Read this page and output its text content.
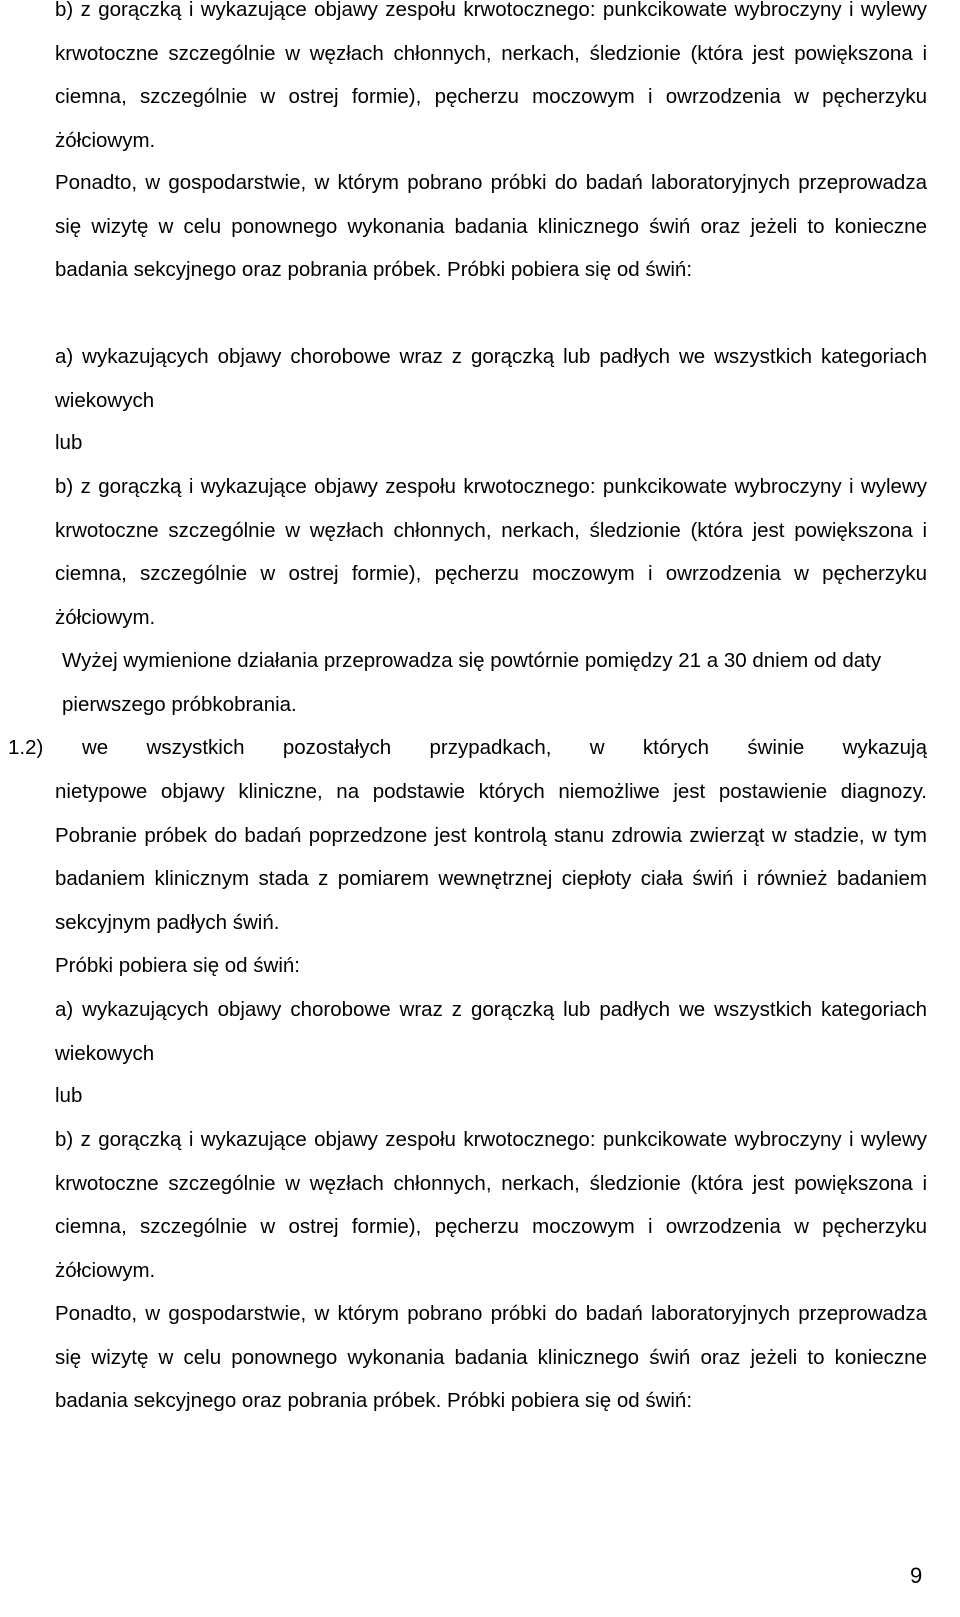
b) z gorączką i wykazujące objawy zespołu krwotocznego: punkcikowate wybroczyny i wylewy krwotoczne szczególnie w węzłach chłonnych, nerkach, śledzionie (która jest powiększona i ciemna, szczególnie w ostrej formie), pęcherzu moczowym i owrzodzenia w pęcherzyku żółciowym.

Ponadto, w gospodarstwie, w którym pobrano próbki do badań laboratoryjnych przeprowadza się wizytę w celu ponownego wykonania badania klinicznego świń oraz jeżeli to konieczne badania sekcyjnego oraz pobrania próbek. Próbki pobiera się od świń:

a) wykazujących objawy chorobowe wraz z gorączką lub padłych we wszystkich kategoriach wiekowych

lub

b) z gorączką i wykazujące objawy zespołu krwotocznego: punkcikowate wybroczyny i wylewy krwotoczne szczególnie w węzłach chłonnych, nerkach, śledzionie (która jest powiększona i ciemna, szczególnie w ostrej formie), pęcherzu moczowym i owrzodzenia w pęcherzyku żółciowym.

Wyżej wymienione działania przeprowadza się powtórnie pomiędzy 21 a 30 dniem od daty pierwszego próbkobrania.

1.2) we wszystkich pozostałych przypadkach, w których świnie wykazują

nietypowe objawy kliniczne, na podstawie których niemożliwe jest postawienie diagnozy. Pobranie próbek do badań poprzedzone jest kontrolą stanu zdrowia zwierząt w stadzie, w tym badaniem klinicznym stada z pomiarem wewnętrznej ciepłoty ciała świń i również badaniem sekcyjnym padłych świń.

Próbki pobiera się od świń:

a) wykazujących objawy chorobowe wraz z gorączką lub padłych we wszystkich kategoriach wiekowych

lub

b) z gorączką i wykazujące objawy zespołu krwotocznego: punkcikowate wybroczyny i wylewy krwotoczne szczególnie w węzłach chłonnych, nerkach, śledzionie (która jest powiększona i ciemna, szczególnie w ostrej formie), pęcherzu moczowym i owrzodzenia w pęcherzyku żółciowym.

Ponadto, w gospodarstwie, w którym pobrano próbki do badań laboratoryjnych przeprowadza się wizytę w celu ponownego wykonania badania klinicznego świń oraz jeżeli to konieczne badania sekcyjnego oraz pobrania próbek. Próbki pobiera się od świń:

9
